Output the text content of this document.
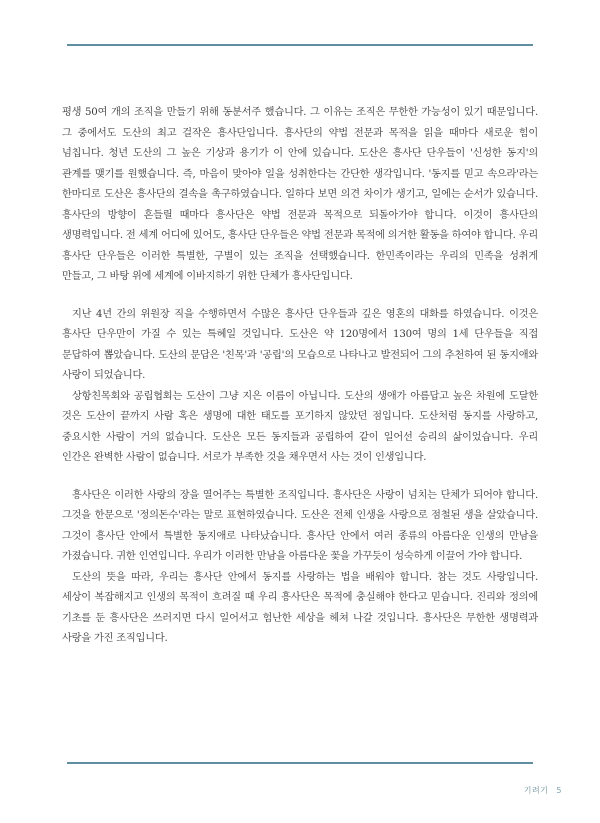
평생 50여 개의 조직을 만들기 위해 동분서주 했습니다. 그 이유는 조직은 무한한 가능성이 있기 때문입니다. 그 중에서도 도산의 최고 걸작은 흥사단입니다. 흥사단의 약법 전문과 목적을 읽을 때마다 새로운 힘이 넘칩니다. 청년 도산의 그 높은 기상과 용기가 이 안에 있습니다. 도산은 흥사단 단우들이 '신성한 동지'의 관계를 맺기를 원했습니다. 즉, 마음이 맞아야 일을 성취한다는 간단한 생각입니다. '동지를 믿고 속으라'라는 한마디로 도산은 흥사단의 결속을 촉구하였습니다. 일하다 보면 의견 차이가 생기고, 일에는 순서가 있습니다. 흥사단의 방향이 흔들릴 때마다 흥사단은 약법 전문과 목적으로 되돌아가야 합니다. 이것이 흥사단의 생명력입니다. 전 세계 어디에 있어도, 흥사단 단우들은 약법 전문과 목적에 의거한 활동을 하여야 합니다. 우리 흥사단 단우들은 이러한 특별한, 구별이 있는 조직을 선택했습니다. 한민족이라는 우리의 민족을 성취게 만들고, 그 바탕 위에 세계에 이바지하기 위한 단체가 흥사단입니다.

지난 4년 간의 위원장 직을 수행하면서 수많은 흥사단 단우들과 깊은 영혼의 대화를 하였습니다. 이것은 흥사단 단우만이 가질 수 있는 특혜일 것입니다. 도산은 약 120명에서 130여 명의 1세 단우들을 직접 문답하여 뽑았습니다. 도산의 문답은 '친목'과 '공립'의 모습으로 나타나고 발전되어 그의 추천하여 된 동지애와 사랑이 되었습니다.

상항친목회와 공립협회는 도산이 그냥 지은 이름이 아닙니다. 도산의 생애가 아름답고 높은 차원에 도달한 것은 도산이 끝까지 사람 혹은 생명에 대한 태도를 포기하지 않았던 점입니다. 도산처럼 동지를 사랑하고, 중요시한 사람이 거의 없습니다. 도산은 모든 동지들과 공립하여 같이 일어선 승리의 삶이었습니다. 우리 인간은 완벽한 사람이 없습니다. 서로가 부족한 것을 채우면서 사는 것이 인생입니다.

흥사단은 이러한 사랑의 장을 열어주는 특별한 조직입니다. 흥사단은 사랑이 넘치는 단체가 되어야 합니다. 그것을 한문으로 '정의돈수'라는 말로 표현하였습니다. 도산은 전체 인생을 사랑으로 점철된 생을 살았습니다. 그것이 흥사단 안에서 특별한 동지애로 나타났습니다. 흥사단 안에서 여러 종류의 아름다운 인생의 만남을 가졌습니다. 귀한 인연입니다. 우리가 이러한 만남을 아름다운 꽃을 가꾸듯이 성숙하게 이끌어 가야 합니다.

도산의 뜻을 따라, 우리는 흥사단 안에서 동지를 사랑하는 법을 배워야 합니다. 참는 것도 사랑입니다. 세상이 복잡해지고 인생의 목적이 흐려질 때 우리 흥사단은 목적에 충실해야 한다고 믿습니다. 진리와 정의에 기초를 둔 흥사단은 쓰러지면 다시 일어서고 험난한 세상을 헤쳐 나갈 것입니다. 흥사단은 무한한 생명력과 사랑을 가진 조직입니다.

기려기 5
